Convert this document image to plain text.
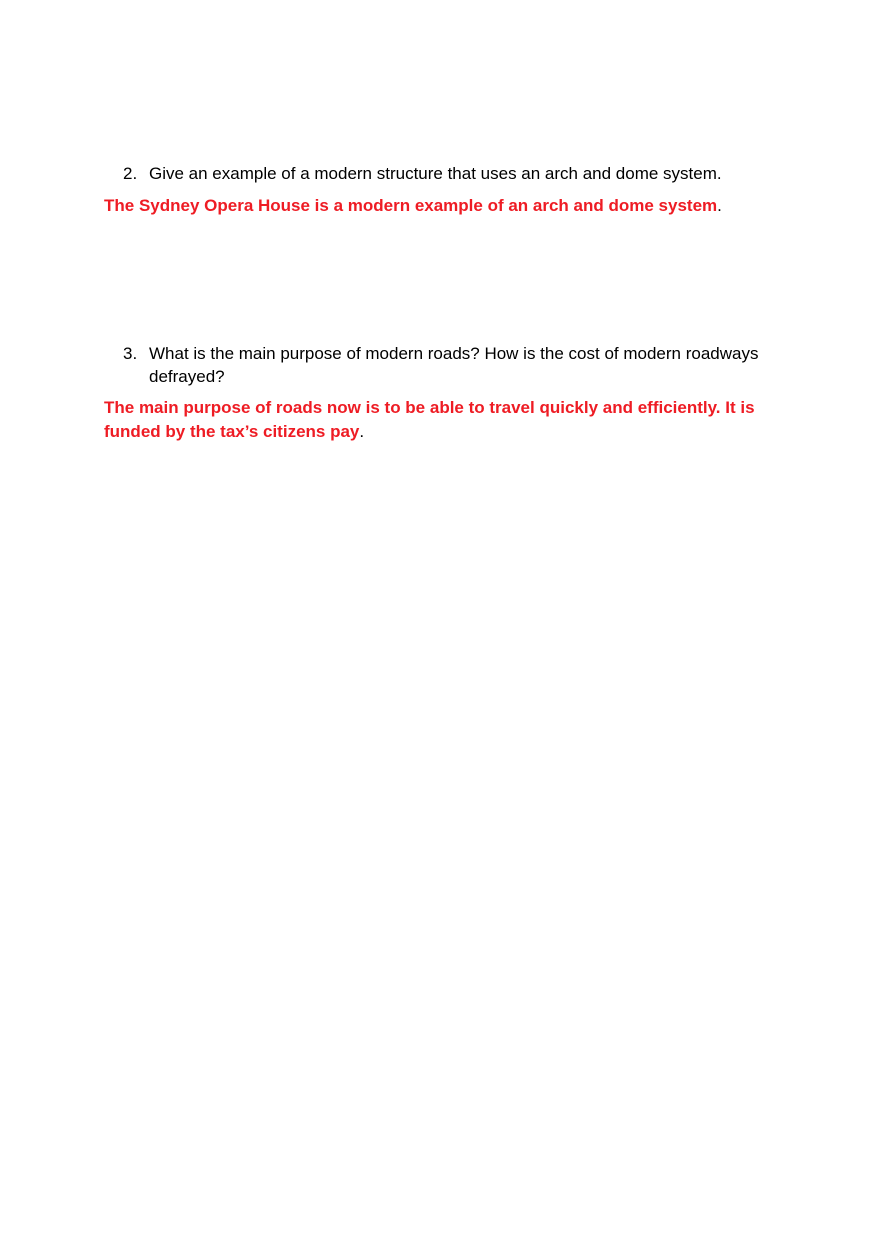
2. Give an example of a modern structure that uses an arch and dome system.
The Sydney Opera House is a modern example of an arch and dome system.
3. What is the main purpose of modern roads? How is the cost of modern roadways
defrayed?
The main purpose of roads now is to be able to travel quickly and efficiently. It is
funded by the tax’s citizens pay.
